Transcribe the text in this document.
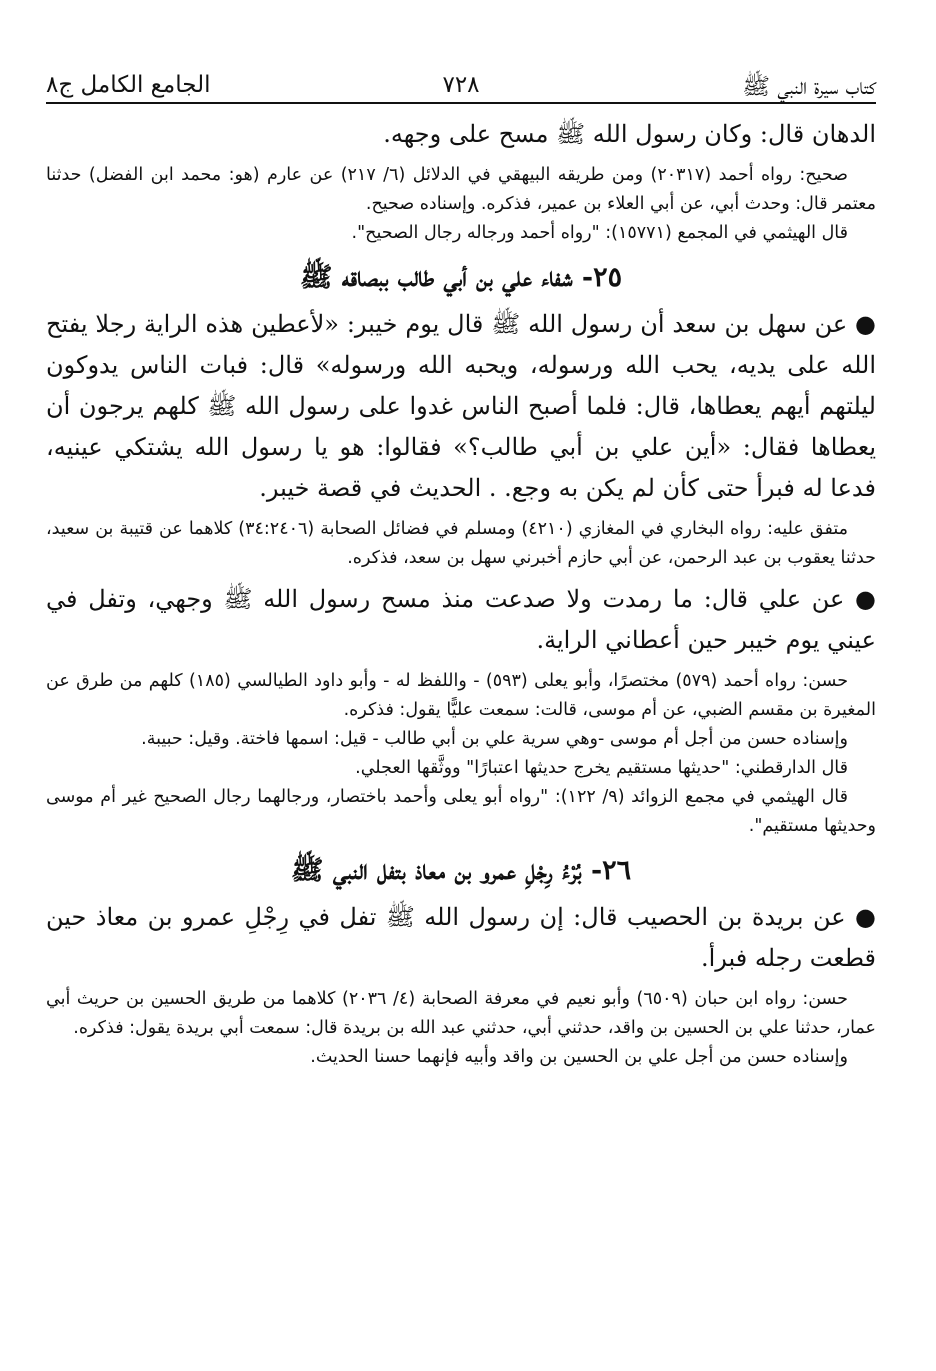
كتاب سيرة النبي ﷺ
٧٢٨
الجامع الكامل ج٨

الدهان قال: وكان رسول الله ﷺ مسح على وجهه.

صحيح: رواه أحمد (٢٠٣١٧) ومن طريقه البيهقي في الدلائل (٦/ ٢١٧) عن عارم (هو: محمد ابن الفضل) حدثنا معتمر قال: وحدث أبي، عن أبي العلاء بن عمير، فذكره. وإسناده صحيح.

قال الهيثمي في المجمع (١٥٧٧١): "رواه أحمد ورجاله رجال الصحيح".

٢٥- شفاء علي بن أبي طالب ببصاقه ﷺ

● عن سهل بن سعد أن رسول الله ﷺ قال يوم خيبر: «لأعطين هذه الراية رجلا يفتح الله على يديه، يحب الله ورسوله، ويحبه الله ورسوله» قال: فبات الناس يدوكون ليلتهم أيهم يعطاها، قال: فلما أصبح الناس غدوا على رسول الله ﷺ كلهم يرجون أن يعطاها فقال: «أين علي بن أبي طالب؟» فقالوا: هو يا رسول الله يشتكي عينيه، فدعا له فبرأ حتى كأن لم يكن به وجع. . الحديث في قصة خيبر.

متفق عليه: رواه البخاري في المغازي (٤٢١٠) ومسلم في فضائل الصحابة (٣٤:٢٤٠٦) كلاهما عن قتيبة بن سعيد، حدثنا يعقوب بن عبد الرحمن، عن أبي حازم أخبرني سهل بن سعد، فذكره.

● عن علي قال: ما رمدت ولا صدعت منذ مسح رسول الله ﷺ وجهي، وتفل في عيني يوم خيبر حين أعطاني الراية.

حسن: رواه أحمد (٥٧٩) مختصرًا، وأبو يعلى (٥٩٣) - واللفظ له - وأبو داود الطيالسي (١٨٥) كلهم من طرق عن المغيرة بن مقسم الضبي، عن أم موسى، قالت: سمعت عليًّا يقول: فذكره.

وإسناده حسن من أجل أم موسى -وهي سرية علي بن أبي طالب - قيل: اسمها فاختة. وقيل: حبيبة.

قال الدارقطني: "حديثها مستقيم يخرج حديثها اعتبارًا" ووثَّقها العجلي.

قال الهيثمي في مجمع الزوائد (٩/ ١٢٢): "رواه أبو يعلى وأحمد باختصار، ورجالهما رجال الصحيح غير أم موسى وحديثها مستقيم".

٢٦- بُرْءُ رِجْلِ عمرو بن معاذ بتفل النبي ﷺ

● عن بريدة بن الحصيب قال: إن رسول الله ﷺ تفل في رِجْلِ عمرو بن معاذ حين قطعت رجله فبرأ.

حسن: رواه ابن حبان (٦٥٠٩) وأبو نعيم في معرفة الصحابة (٤/ ٢٠٣٦) كلاهما من طريق الحسين بن حريث أبي عمار، حدثنا علي بن الحسين بن واقد، حدثني أبي، حدثني عبد الله بن بريدة قال: سمعت أبي بريدة يقول: فذكره.

وإسناده حسن من أجل علي بن الحسين بن واقد وأبيه فإنهما حسنا الحديث.
